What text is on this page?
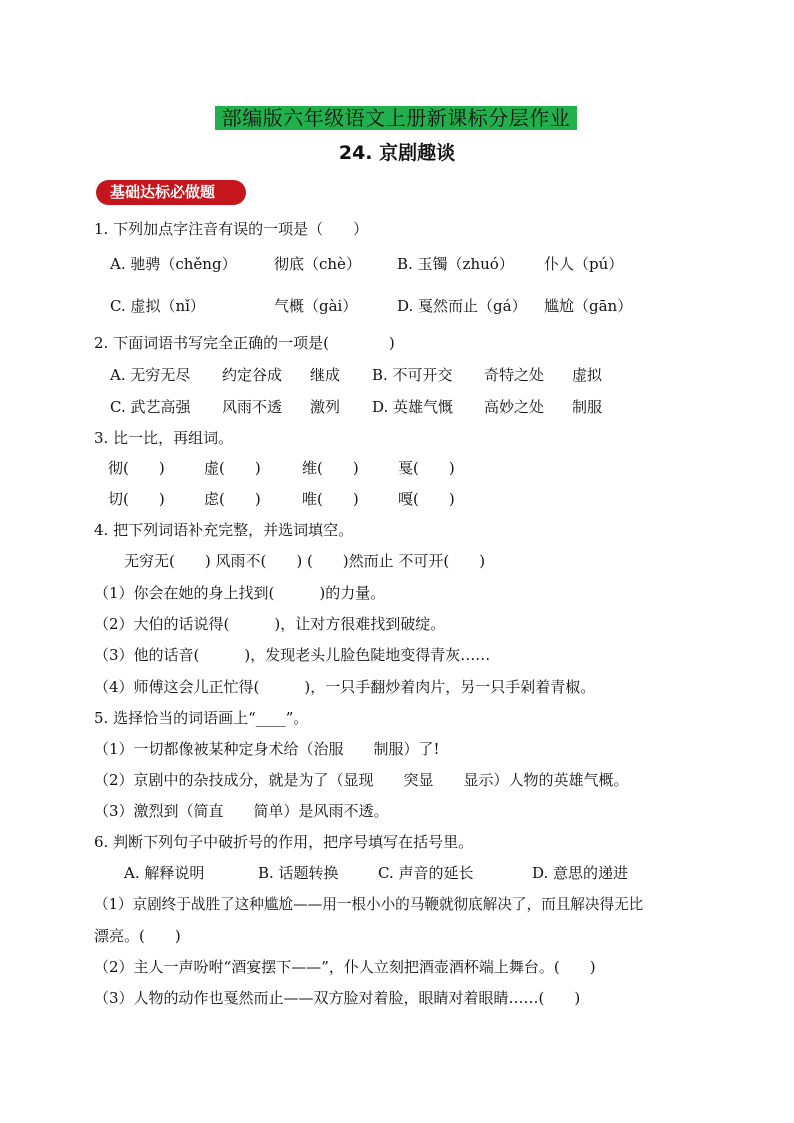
部编版六年级语文上册新课标分层作业
24. 京剧趣谈
基础达标必做题
1. 下列加点字注音有误的一项是（　　）
A. 驰骋（chěng） 彻底（chè） B. 玉镯（zhuó） 仆人（pú）
C. 虚拟（nǐ）	气概（gài）	D. 戛然而止（gá） 尴尬（gān）
2. 下面词语书写完全正确的一项是(　　　　)
A. 无穷无尽 约定谷成 继成 B. 不可开交 奇特之处 虚拟
C. 武艺高强 风雨不透 激列 D. 英雄气慨 高妙之处 制服
3. 比一比，再组词。
彻(　　)	虚(　　)	维(　　)	戛(　　)
切(　　)	虑(　　)	唯(　　)	嘎(　　)
4. 把下列词语补充完整，并选词填空。
无穷无(　　) 风雨不(　　) (　　)然而止 不可开(　　)
（1）你会在她的身上找到(　　　)的力量。
（2）大伯的话说得(　　　)，让对方很难找到破绽。
（3）他的话音(　　　)，发现老头儿脸色陡地变得青灰……
（4）师傅这会儿正忙得(　　　)，一只手翻炒着肉片，另一只手剁着青椒。
5. 选择恰当的词语画上“____”。
（1）一切都像被某种定身术给（治服　　制服）了!
（2）京剧中的杂技成分，就是为了（显现　　突显　　显示）人物的英雄气概。
（3）激烈到（简直　　简单）是风雨不透。
6. 判断下列句子中破折号的作用，把序号填写在括号里。
A. 解释说明	B. 话题转换	C. 声音的延长	D. 意思的递进
（1）京剧终于战胜了这种尴尬——用一根小小的马鞭就彻底解决了，而且解决得无比
漂亮。(　　)
（2）主人一声吩咐“酒宴摆下——”，仆人立刻把酒壶酒杯端上舞台。(　　)
（3）人物的动作也戛然而止——双方脸对着脸，眼睛对着眼睛……(　　)
